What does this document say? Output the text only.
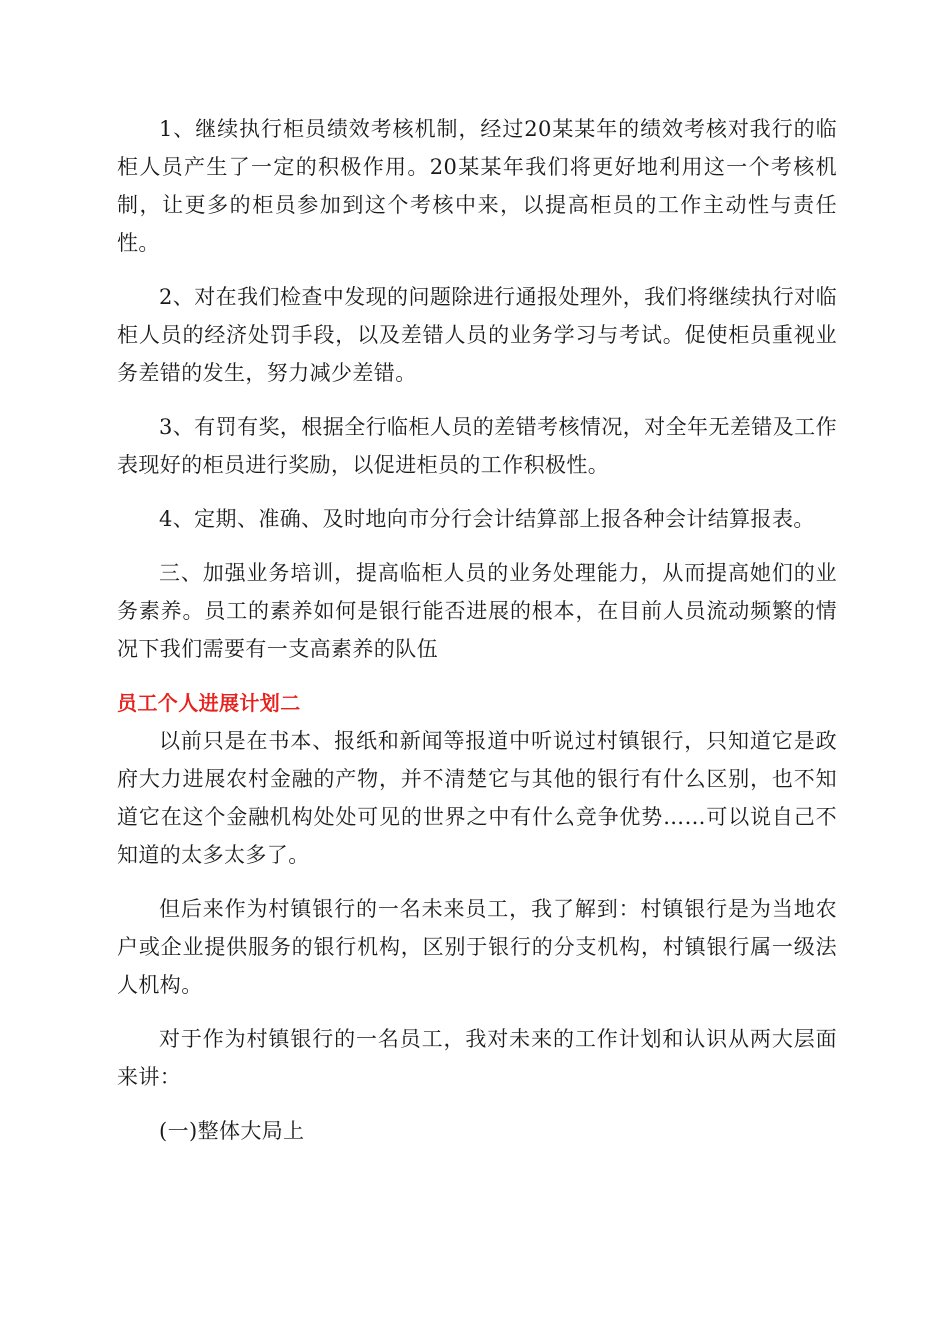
1、继续执行柜员绩效考核机制，经过20某某年的绩效考核对我行的临柜人员产生了一定的积极作用。20某某年我们将更好地利用这一个考核机制，让更多的柜员参加到这个考核中来，以提高柜员的工作主动性与责任性。

2、对在我们检查中发现的问题除进行通报处理外，我们将继续执行对临柜人员的经济处罚手段，以及差错人员的业务学习与考试。促使柜员重视业务差错的发生，努力减少差错。

3、有罚有奖，根据全行临柜人员的差错考核情况，对全年无差错及工作表现好的柜员进行奖励，以促进柜员的工作积极性。

4、定期、准确、及时地向市分行会计结算部上报各种会计结算报表。

三、加强业务培训，提高临柜人员的业务处理能力，从而提高她们的业务素养。员工的素养如何是银行能否进展的根本，在目前人员流动频繁的情况下我们需要有一支高素养的队伍

员工个人进展计划二

以前只是在书本、报纸和新闻等报道中听说过村镇银行，只知道它是政府大力进展农村金融的产物，并不清楚它与其他的银行有什么区别，也不知道它在这个金融机构处处可见的世界之中有什么竞争优势……可以说自己不知道的太多太多了。

但后来作为村镇银行的一名未来员工，我了解到：村镇银行是为当地农户或企业提供服务的银行机构，区别于银行的分支机构，村镇银行属一级法人机构。

对于作为村镇银行的一名员工，我对未来的工作计划和认识从两大层面来讲：

(一)整体大局上
